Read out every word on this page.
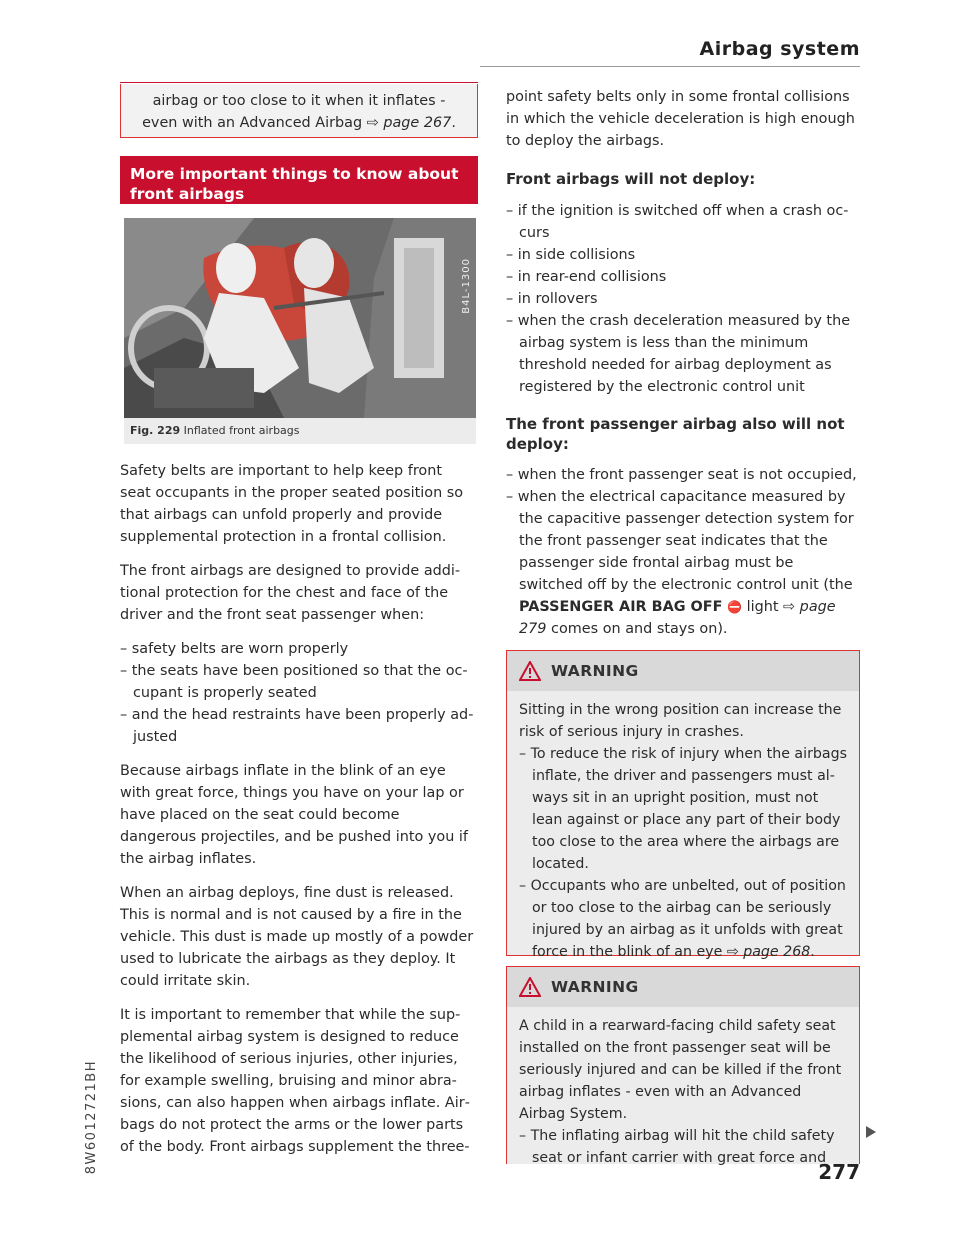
Airbag system
airbag or too close to it when it inflates - even with an Advanced Airbag ⇨ page 267.
More important things to know about front airbags
B4L-1300
Fig. 229 Inflated front airbags

Safety belts are important to help keep front seat occupants in the proper seated position so that airbags can unfold properly and provide supplemental protection in a frontal collision.

The front airbags are designed to provide additional protection for the chest and face of the driver and the front seat passenger when:

– safety belts are worn properly
– the seats have been positioned so that the occupant is properly seated
– and the head restraints have been properly adjusted

Because airbags inflate in the blink of an eye with great force, things you have on your lap or have placed on the seat could become dangerous projectiles, and be pushed into you if the airbag inflates.

When an airbag deploys, fine dust is released. This is normal and is not caused by a fire in the vehicle. This dust is made up mostly of a powder used to lubricate the airbags as they deploy. It could irritate skin.

It is important to remember that while the supplemental airbag system is designed to reduce the likelihood of serious injuries, other injuries, for example swelling, bruising and minor abrasions, can also happen when airbags inflate. Airbags do not protect the arms or the lower parts of the body. Front airbags supplement the three-

point safety belts only in some frontal collisions in which the vehicle deceleration is high enough to deploy the airbags.

Front airbags will not deploy:

– if the ignition is switched off when a crash occurs
– in side collisions
– in rear-end collisions
– in rollovers
– when the crash deceleration measured by the airbag system is less than the minimum threshold needed for airbag deployment as registered by the electronic control unit

The front passenger airbag also will not deploy:

– when the front passenger seat is not occupied,
– when the electrical capacitance measured by the capacitive passenger detection system for the front passenger seat indicates that the passenger side frontal airbag must be switched off by the electronic control unit (the PASSENGER AIR BAG OFF ⛔ light ⇨ page 279 comes on and stays on).
WARNING

Sitting in the wrong position can increase the risk of serious injury in crashes.

– To reduce the risk of injury when the airbags inflate, the driver and passengers must always sit in an upright position, must not lean against or place any part of their body too close to the area where the airbags are located.
– Occupants who are unbelted, out of position or too close to the airbag can be seriously injured by an airbag as it unfolds with great force in the blink of an eye ⇨ page 268.
WARNING

A child in a rearward-facing child safety seat installed on the front passenger seat will be seriously injured and can be killed if the front airbag inflates - even with an Advanced Airbag System.

– The inflating airbag will hit the child safety seat or infant carrier with great force and
8W6012721BH	277
